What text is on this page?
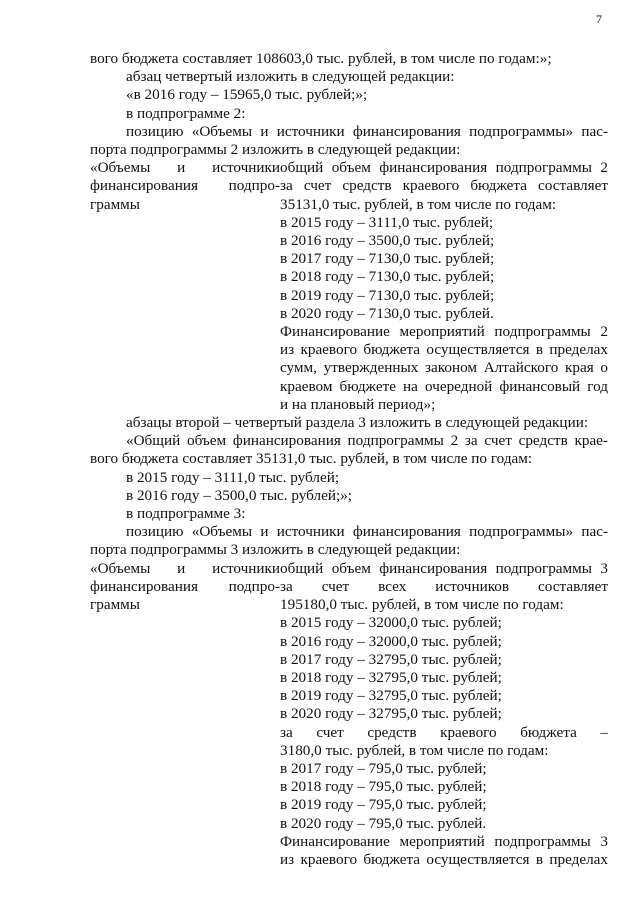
7

вого бюджета составляет 108603,0 тыс. рублей, в том числе по годам:»;

абзац четвертый изложить в следующей редакции:

«в 2016 году – 15965,0 тыс. рублей;»;

в подпрограмме 2:

позицию «Объемы и источники финансирования подпрограммы» пас-

порта подпрограммы 2 изложить в следующей редакции:

«Объемы и источники

финансирования подпро-

граммы

общий объем финансирования подпрограммы 2

за счет средств краевого бюджета составляет

35131,0 тыс. рублей, в том числе по годам:

в 2015 году – 3111,0 тыс. рублей;

в 2016 году – 3500,0 тыс. рублей;

в 2017 году – 7130,0 тыс. рублей;

в 2018 году – 7130,0 тыс. рублей;

в 2019 году – 7130,0 тыс. рублей;

в 2020 году – 7130,0 тыс. рублей.

Финансирование мероприятий подпрограммы 2

из краевого бюджета осуществляется в пределах

сумм, утвержденных законом Алтайского края о

краевом бюджете на очередной финансовый год

и на плановый период»;

абзацы второй – четвертый раздела 3 изложить в следующей редакции:

«Общий объем финансирования подпрограммы 2 за счет средств крае-

вого бюджета составляет 35131,0 тыс. рублей, в том числе по годам:

в 2015 году – 3111,0 тыс. рублей;

в 2016 году – 3500,0 тыс. рублей;»;

в подпрограмме 3:

позицию «Объемы и источники финансирования подпрограммы» пас-

порта подпрограммы 3 изложить в следующей редакции:

«Объемы и источники

финансирования подпро-

граммы

общий объем финансирования подпрограммы 3

за счет всех источников составляет

195180,0 тыс. рублей, в том числе по годам:

в 2015 году – 32000,0 тыс. рублей;

в 2016 году – 32000,0 тыс. рублей;

в 2017 году – 32795,0 тыс. рублей;

в 2018 году – 32795,0 тыс. рублей;

в 2019 году – 32795,0 тыс. рублей;

в 2020 году – 32795,0 тыс. рублей;

за счет средств краевого бюджета –

3180,0 тыс. рублей, в том числе по годам:

в 2017 году – 795,0 тыс. рублей;

в 2018 году – 795,0 тыс. рублей;

в 2019 году – 795,0 тыс. рублей;

в 2020 году – 795,0 тыс. рублей.

Финансирование мероприятий подпрограммы 3

из краевого бюджета осуществляется в пределах
